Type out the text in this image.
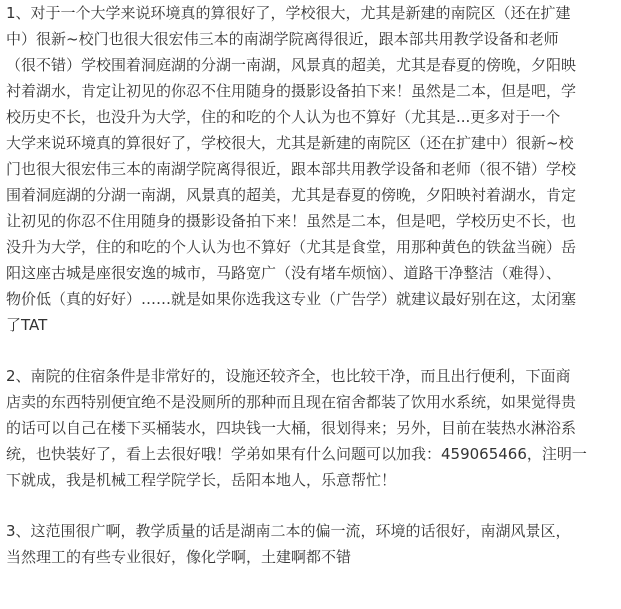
1、对于一个大学来说环境真的算很好了，学校很大，尤其是新建的南院区（还在扩建
中）很新~校门也很大很宏伟三本的南湖学院离得很近，跟本部共用教学设备和老师
（很不错）学校围着洞庭湖的分湖一南湖，风景真的超美，尤其是春夏的傍晚，夕阳映
衬着湖水，肯定让初见的你忍不住用随身的摄影设备拍下来！虽然是二本，但是吧，学
校历史不长，也没升为大学，住的和吃的个人认为也不算好（尤其是...更多对于一个
大学来说环境真的算很好了，学校很大，尤其是新建的南院区（还在扩建中）很新~校
门也很大很宏伟三本的南湖学院离得很近，跟本部共用教学设备和老师（很不错）学校
围着洞庭湖的分湖一南湖，风景真的超美，尤其是春夏的傍晚，夕阳映衬着湖水，肯定
让初见的你忍不住用随身的摄影设备拍下来！虽然是二本，但是吧，学校历史不长，也
没升为大学，住的和吃的个人认为也不算好（尤其是食堂，用那种黄色的铁盆当碗）岳
阳这座古城是座很安逸的城市，马路宽广（没有堵车烦恼）、道路干净整洁（难得）、
物价低（真的好好）……就是如果你选我这专业（广告学）就建议最好别在这，太闭塞
了TAT
2、南院的住宿条件是非常好的，设施还较齐全，也比较干净，而且出行便利，下面商
店卖的东西特别便宜绝不是没厕所的那种而且现在宿舍都装了饮用水系统，如果觉得贵
的话可以自己在楼下买桶装水，四块钱一大桶，很划得来；另外，目前在装热水淋浴系
统，也快装好了，看上去很好哦！学弟如果有什么问题可以加我：459065466，注明一
下就成，我是机械工程学院学长，岳阳本地人，乐意帮忙！
3、这范围很广啊，教学质量的话是湖南二本的偏一流，环境的话很好，南湖风景区，
当然理工的有些专业很好，像化学啊，土建啊都不错
